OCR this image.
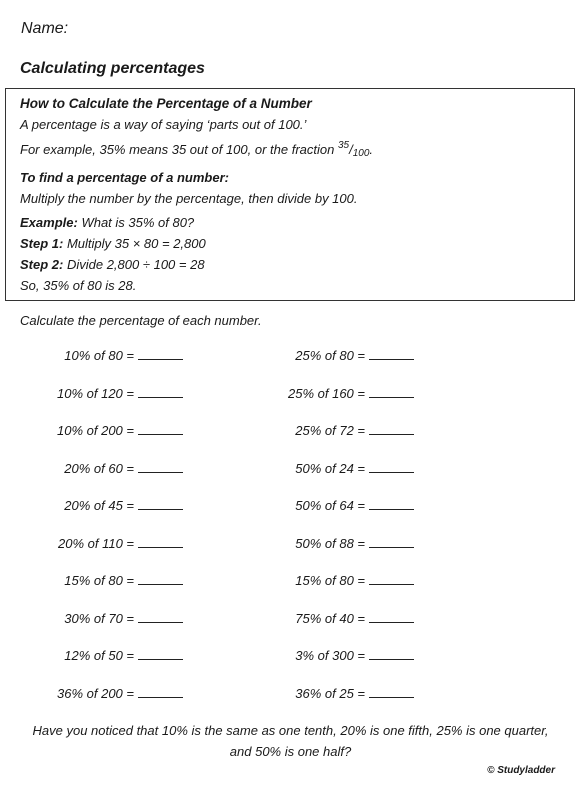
Name:
Calculating percentages
How to Calculate the Percentage of a Number
A percentage is a way of saying ‘parts out of 100.’
For example, 35% means 35 out of 100, or the fraction $^{35}/_{100}$.
To find a percentage of a number:
Multiply the number by the percentage, then divide by 100.
Example: What is 35% of 80?
Step 1: Multiply 35 × 80 = 2,800
Step 2: Divide 2,800 ÷ 100 = 28
So, 35% of 80 is 28.
Calculate the percentage of each number.
10% of 80 =
10% of 120 =
10% of 200 =
20% of 60 =
20% of 45 =
20% of 110 =
15% of 80 =
30% of 70 =
12% of 50 =
36% of 200 =
25% of 80 =
25% of 160 =
25% of 72 =
50% of 24 =
50% of 64 =
50% of 88 =
15% of 80 =
75% of 40 =
3% of 300 =
36% of 25 =
Have you noticed that 10% is the same as one tenth, 20% is one fifth, 25% is one quarter, and 50% is one half?
© Studyladder
